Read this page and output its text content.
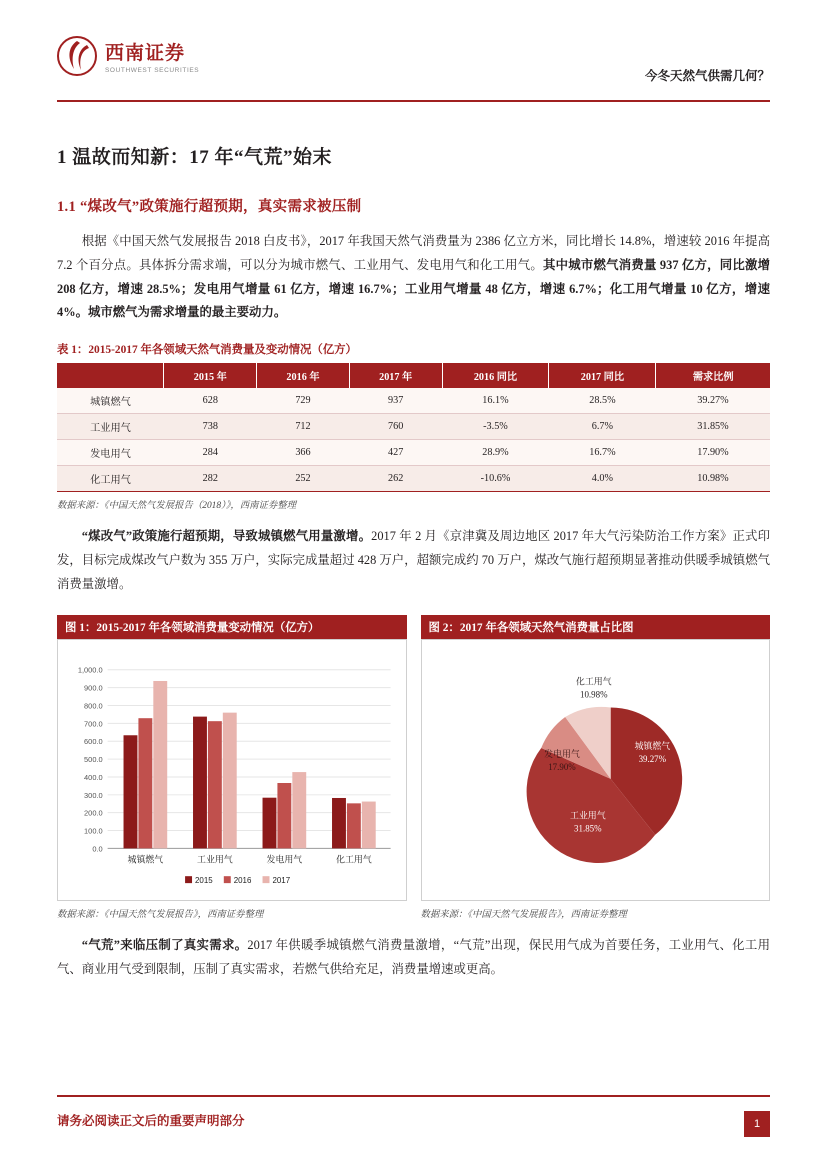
西南证券
SOUTHWEST SECURITIES	今冬天然气供需几何？
1 温故而知新：17 年“气荒”始末
1.1 “煤改气”政策施行超预期，真实需求被压制

根据《中国天然气发展报告 2018 白皮书》，2017 年我国天然气消费量为 2386 亿立方米，同比增长 14.8%，增速较 2016 年提高 7.2 个百分点。具体拆分需求端，可以分为城市燃气、工业用气、发电用气和化工用气。其中城市燃气消费量 937 亿方，同比激增 208 亿方，增速 28.5%；发电用气增量 61 亿方，增速 16.7%；工业用气增量 48 亿方，增速 6.7%；化工用气增量 10 亿方，增速 4%。城市燃气为需求增量的最主要动力。

表 1：2015-2017 年各领域天然气消费量及变动情况（亿方）
	2015 年	2016 年	2017 年	2016 同比	2017 同比	需求比例
城镇燃气	628	729	937	16.1%	28.5%	39.27%
工业用气	738	712	760	-3.5%	6.7%	31.85%
发电用气	284	366	427	28.9%	16.7%	17.90%
化工用气	282	252	262	-10.6%	4.0%	10.98%
数据来源：《中国天然气发展报告（2018）》，西南证券整理

“煤改气”政策施行超预期，导致城镇燃气用量激增。2017 年 2 月《京津冀及周边地区 2017 年大气污染防治工作方案》正式印发，目标完成煤改气户数为 355 万户，实际完成量超过 428 万户，超额完成约 70 万户，煤改气施行超预期显著推动供暖季城镇燃气消费量激增。

图 1：2015-2017 年各领域消费量变动情况（亿方）
1,000.0
900.0
800.0
700.0
600.0
500.0
400.0
300.0
200.0
100.0
0.0
城镇燃气	工业用气	发电用气	化工用气
2015	2016	2017
数据来源：《中国天然气发展报告》，西南证券整理
图 2：2017 年各领域天然气消费量占比图
城镇燃气
39.27%
工业用气
31.85%
发电用气
17.90%
化工用气
10.98%
数据来源：《中国天然气发展报告》，西南证券整理

“气荒”来临压制了真实需求。2017 年供暖季城镇燃气消费量激增，“气荒”出现，保民用气成为首要任务，工业用气、化工用气、商业用气受到限制，压制了真实需求，若燃气供给充足，消费量增速或更高。

请务必阅读正文后的重要声明部分	1
